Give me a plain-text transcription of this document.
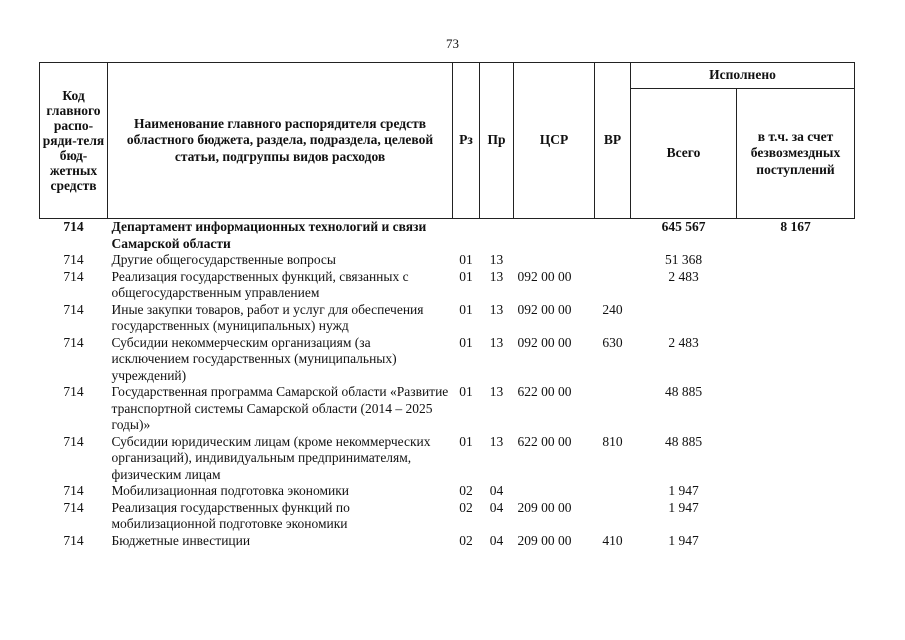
73
Код главного распо-ряди-теля бюд-жетных средств	Наименование главного распорядителя средств областного бюджета, раздела, подраздела, целевой статьи, подгруппы видов расходов	Рз	Пр	ЦСР	ВР	Исполнено	
						Всего	в т.ч. за счет безвозмездных поступлений
714	Департамент информационных технологий и связи Самарской области					645 567	8 167
714	Другие общегосударственные вопросы	01	13			51 368	
714	Реализация государственных функций, связанных с общегосударственным управлением	01	13	092 00 00		2 483	
714	Иные закупки товаров, работ и услуг для обеспечения государственных (муниципальных) нужд	01	13	092 00 00	240		
714	Субсидии некоммерческим организациям (за исключением государственных (муниципальных) учреждений)	01	13	092 00 00	630	2 483	
714	Государственная программа Самарской области «Развитие транспортной системы Самарской области (2014 – 2025 годы)»	01	13	622 00 00		48 885	
714	Субсидии юридическим лицам (кроме некоммерческих организаций), индивидуальным предпринимателям, физическим лицам	01	13	622 00 00	810	48 885	
714	Мобилизационная подготовка экономики	02	04			1 947	
714	Реализация государственных функций по мобилизационной подготовке экономики	02	04	209 00 00		1 947	
714	Бюджетные инвестиции	02	04	209 00 00	410	1 947	
